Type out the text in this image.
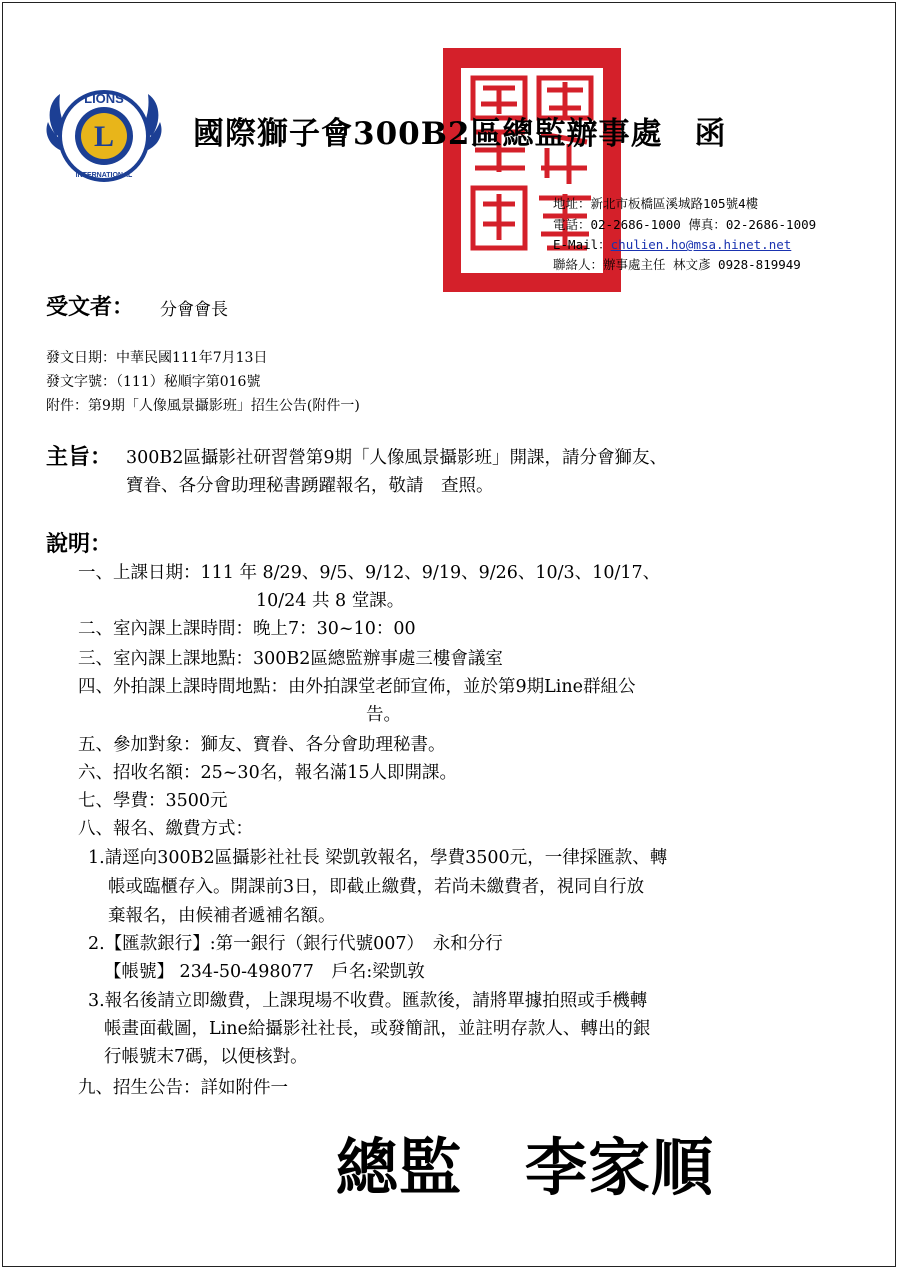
L
LIONS
INTERNATIONAL
國際獅子會300B2區總監辦事處　函
地址：新北市板橋區溪城路105號4樓
電話：02-2686-1000 傳真：02-2686-1009
E-Mail：chulien.ho@msa.hinet.net
聯絡人：辦事處主任 林文彥 0928-819949
受文者： 分會會長
發文日期：中華民國111年7月13日
發文字號：（111）秘順字第016號
附件：第9期「人像風景攝影班」招生公告(附件一)
主旨： 300B2區攝影社研習營第9期「人像風景攝影班」開課，請分會獅友、
寶眷、各分會助理秘書踴躍報名，敬請　查照。
說明：
一、上課日期：111 年 8/29、9/5、9/12、9/19、9/26、10/3、10/17、
10/24 共 8 堂課。
二、室內課上課時間：晚上7：30~10：00
三、室內課上課地點：300B2區總監辦事處三樓會議室
四、外拍課上課時間地點：由外拍課堂老師宣佈，並於第9期Line群組公
告。
五、參加對象：獅友、寶眷、各分會助理秘書。
六、招收名額：25~30名，報名滿15人即開課。
七、學費：3500元
八、報名、繳費方式：
1.請逕向300B2區攝影社社長 梁凱敦報名，學費3500元，一律採匯款、轉
帳或臨櫃存入。開課前3日，即截止繳費，若尚未繳費者，視同自行放
棄報名，由候補者遞補名額。
2.【匯款銀行】:第一銀行（銀行代號007）　永和分行
【帳號】 234-50-498077　戶名:梁凱敦
3.報名後請立即繳費，上課現場不收費。匯款後，請將單據拍照或手機轉
帳畫面截圖，Line給攝影社社長，或發簡訊，並註明存款人、轉出的銀
行帳號末7碼，以便核對。
九、招生公告：詳如附件一
總監　李家順
